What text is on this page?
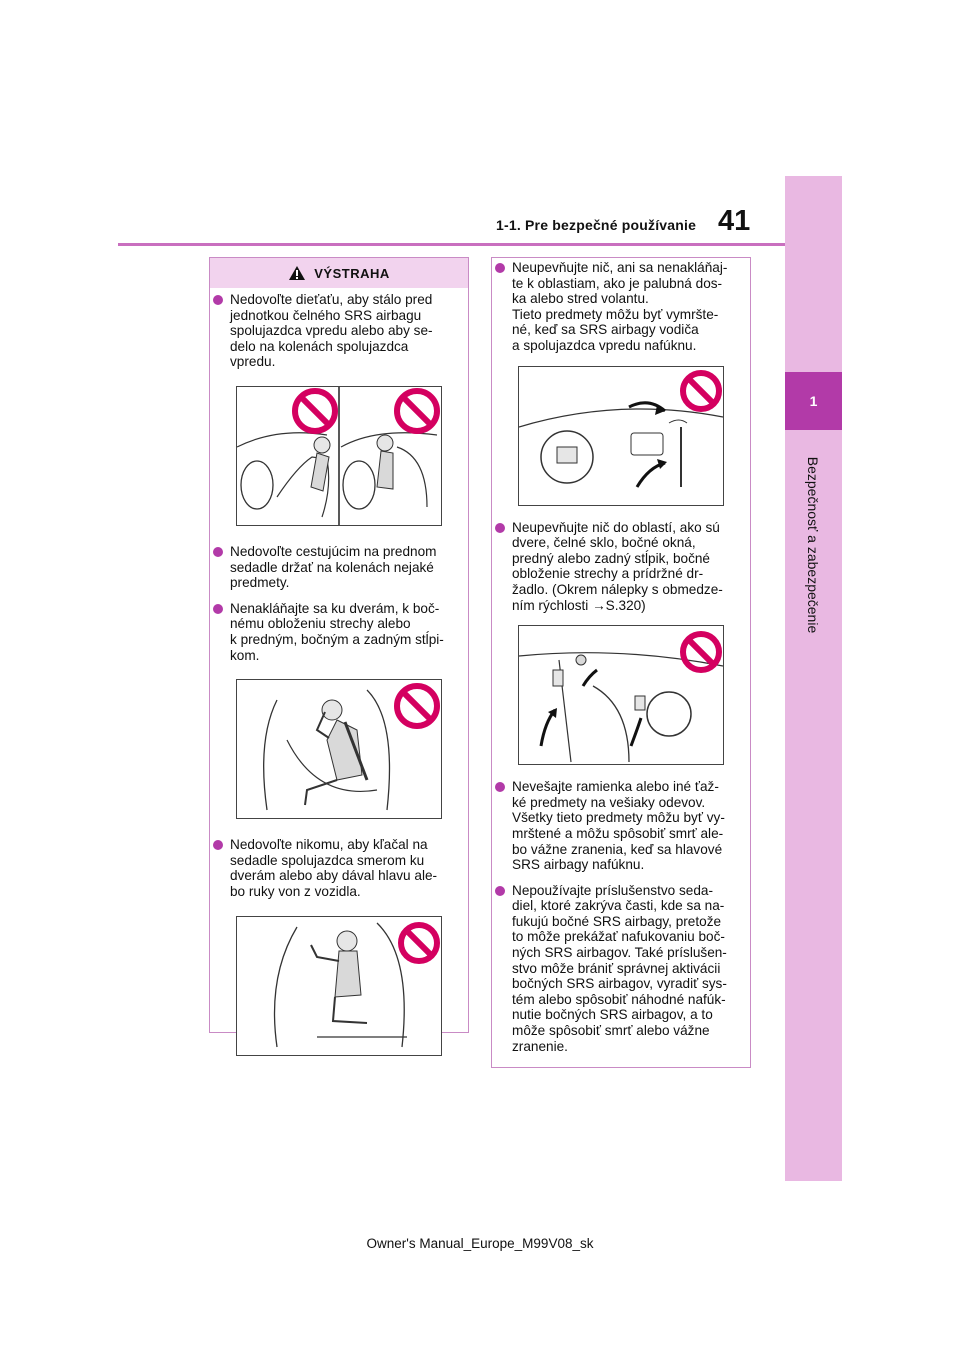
1
Bezpečnosť a zabezpečenie
1-1. Pre bezpečné používanie 41
VÝSTRAHA
Nedovoľte dieťaťu, aby stálo pred
jednotkou čelného SRS airbagu
spolujazdca vpredu alebo aby se-
delo na kolenách spolujazdca
vpredu.
Nedovoľte cestujúcim na prednom
sedadle držať na kolenách nejaké
predmety.
Nenakláňajte sa ku dverám, k boč-
nému obloženiu strechy alebo
k predným, bočným a zadným stĺpi-
kom.
Nedovoľte nikomu, aby kľačal na
sedadle spolujazdca smerom ku
dverám alebo aby dával hlavu ale-
bo ruky von z vozidla.
Neupevňujte nič, ani sa nenakláňaj-
te k oblastiam, ako je palubná dos-
ka alebo stred volantu.
Tieto predmety môžu byť vymršte-
né, keď sa SRS airbagy vodiča
a spolujazdca vpredu nafúknu.
Neupevňujte nič do oblastí, ako sú
dvere, čelné sklo, bočné okná,
predný alebo zadný stĺpik, bočné
obloženie strechy a prídržné dr-
žadlo. (Okrem nálepky s obmedze-
ním rýchlosti →S.320)
Nevešajte ramienka alebo iné ťaž-
ké predmety na vešiaky odevov.
Všetky tieto predmety môžu byť vy-
mrštené a môžu spôsobiť smrť ale-
bo vážne zranenia, keď sa hlavové
SRS airbagy nafúknu.
Nepoužívajte príslušenstvo seda-
diel, ktoré zakrýva časti, kde sa na-
fukujú bočné SRS airbagy, pretože
to môže prekážať nafukovaniu boč-
ných SRS airbagov. Také príslušen-
stvo môže brániť správnej aktivácii
bočných SRS airbagov, vyradiť sys-
tém alebo spôsobiť náhodné nafúk-
nutie bočných SRS airbagov, a to
môže spôsobiť smrť alebo vážne
zranenie.
Owner's Manual_Europe_M99V08_sk
